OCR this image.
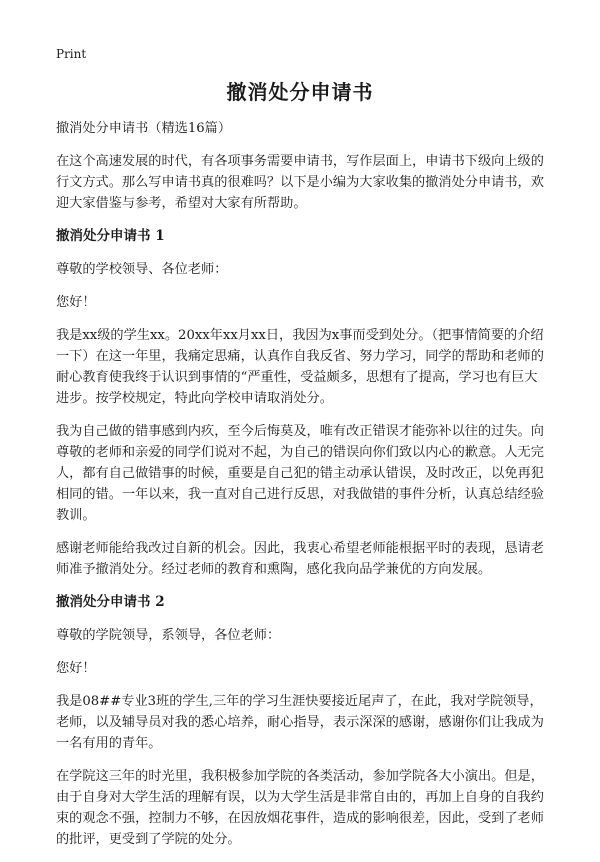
Print
撤消处分申请书

撤消处分申请书（精选16篇）

在这个高速发展的时代，有各项事务需要申请书，写作层面上，申请书下级向上级的行文方式。那么写申请书真的很难吗？以下是小编为大家收集的撤消处分申请书，欢迎大家借鉴与参考，希望对大家有所帮助。

撤消处分申请书 1

尊敬的学校领导、各位老师：

您好！

我是xx级的学生xx。20xx年xx月xx日，我因为x事而受到处分。（把事情简要的介绍一下）在这一年里，我痛定思痛，认真作自我反省、努力学习，同学的帮助和老师的耐心教育使我终于认识到事情的“严重性，受益颇多，思想有了提高，学习也有巨大进步。按学校规定，特此向学校申请取消处分。

我为自己做的错事感到内疚，至今后悔莫及，唯有改正错误才能弥补以往的过失。向尊敬的老师和亲爱的同学们说对不起，为自己的错误向你们致以内心的歉意。人无完人，都有自己做错事的时候，重要是自己犯的错主动承认错误，及时改正，以免再犯相同的错。一年以来，我一直对自己进行反思，对我做错的事件分析，认真总结经验教训。

感谢老师能给我改过自新的机会。因此，我衷心希望老师能根据平时的表现，恳请老师准予撤消处分。经过老师的教育和熏陶，感化我向品学兼优的方向发展。

撤消处分申请书 2

尊敬的学院领导，系领导，各位老师：

您好！

我是08##专业3班的学生,三年的学习生涯快要接近尾声了，在此，我对学院领导，老师，以及辅导员对我的悉心培养，耐心指导，表示深深的感谢，感谢你们让我成为一名有用的青年。

在学院这三年的时光里，我积极参加学院的各类活动，参加学院各大小演出。但是，由于自身对大学生活的理解有误，以为大学生活是非常自由的，再加上自身的自我约束的观念不强，控制力不够，在因放烟花事件，造成的影响很差，因此，受到了老师的批评，更受到了学院的处分。
